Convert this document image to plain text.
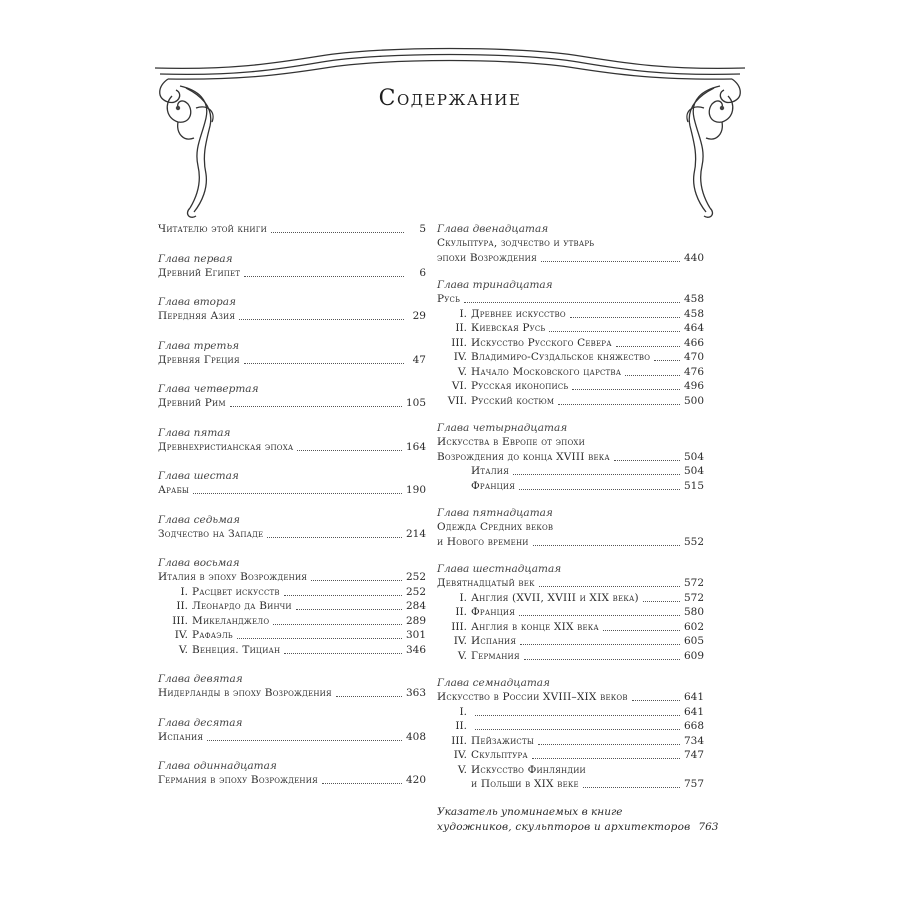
Содержание
Читателю этой книги	5
Глава первая
Древний Египет	6
Глава вторая
Передняя Азия	29
Глава третья
Древняя Греция	47
Глава четвертая
Древний Рим	105
Глава пятая
Древнехристианская эпоха	164
Глава шестая
Арабы	190
Глава седьмая
Зодчество на Западе	214
Глава восьмая
Италия в эпоху Возрождения	252
I. Расцвет искусств	252
II. Леонардо да Винчи	284
III. Микеланджело	289
IV. Рафаэль	301
V. Венеция. Тициан	346
Глава девятая
Нидерланды в эпоху Возрождения	363
Глава десятая
Испания	408
Глава одиннадцатая
Германия в эпоху Возрождения	420
Глава двенадцатая
Скульптура, зодчество и утварь
эпохи Возрождения	440
Глава тринадцатая
Русь	458
I. Древнее искусство	458
II. Киевская Русь	464
III. Искусство Русского Севера	466
IV. Владимиро-Суздальское княжество	470
V. Начало Московского царства	476
VI. Русская иконопись	496
VII. Русский костюм	500
Глава четырнадцатая
Искусства в Европе от эпохи
Возрождения до конца XVIII века	504
Италия	504
Франция	515
Глава пятнадцатая
Одежда Средних веков
и Нового времени	552
Глава шестнадцатая
Девятнадцатый век	572
I. Англия (XVII, XVIII и XIX века)	572
II. Франция	580
III. Англия в конце XIX века	602
IV. Испания	605
V. Германия	609
Глава семнадцатая
Искусство в России XVIII–XIX веков	641
I.	641
II.	668
III. Пейзажисты	734
IV. Скульптура	747
V. Искусство Финляндии
и Польши в XIX веке	757
Указатель упоминаемых в книге
художников, скульпторов и архитекторов 763
